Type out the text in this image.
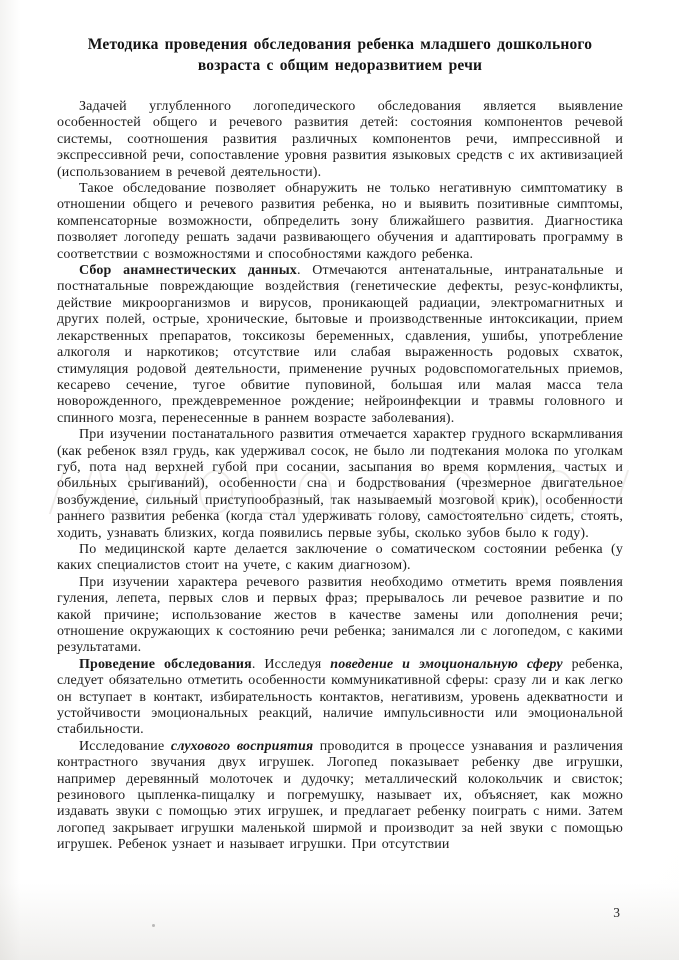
Методика проведения обследования ребенка младшего дошкольного возраста с общим недоразвитием речи

Задачей углубленного логопедического обследования является выявление особенностей общего и речевого развития детей: состояния компонентов речевой системы, соотношения развития различных компонентов речи, импрессивной и экспрессивной речи, сопоставление уровня развития языковых средств с их активизацией (использованием в речевой деятельности).

Такое обследование позволяет обнаружить не только негативную симптоматику в отношении общего и речевого развития ребенка, но и выявить позитивные симптомы, компенсаторные возможности, обпределить зону ближайшего развития. Диагностика позволяет логопеду решать задачи развивающего обучения и адаптировать программу в соответствии с возможностями и способностями каждого ребенка.

Сбор анамнестических данных. Отмечаются антенатальные, интранатальные и постнатальные повреждающие воздействия (генетические дефекты, резус-конфликты, действие микроорганизмов и вирусов, проникающей радиации, электромагнитных и других полей, острые, хронические, бытовые и производственные интоксикации, прием лекарственных препаратов, токсикозы беременных, сдавления, ушибы, употребление алкоголя и наркотиков; отсутствие или слабая выраженность родовых схваток, стимуляция родовой деятельности, применение ручных родовспомогательных приемов, кесарево сечение, тугое обвитие пуповиной, большая или малая масса тела новорожденного, преждевременное рождение; нейроинфекции и травмы головного и спинного мозга, перенесенные в раннем возрасте заболевания).

При изучении постанатального развития отмечается характер грудного вскармливания (как ребенок взял грудь, как удерживал сосок, не было ли подтекания молока по уголкам губ, пота над верхней губой при сосании, засыпания во время кормления, частых и обильных срыгиваний), особенности сна и бодрствования (чрезмерное двигательное возбуждение, сильный приступообразный, так называемый мозговой крик), особенности раннего развития ребенка (когда стал удерживать голову, самостоятельно сидеть, стоять, ходить, узнавать близких, когда появились первые зубы, сколько зубов было к году).

По медицинской карте делается заключение о соматическом состоянии ребенка (у каких специалистов стоит на учете, с каким диагнозом).

При изучении характера речевого развития необходимо отметить время появления гуления, лепета, первых слов и первых фраз; прерывалось ли речевое развитие и по какой причине; использование жестов в качестве замены или дополнения речи; отношение окружающих к состоянию речи ребенка; занимался ли с логопедом, с какими результатами.

Проведение обследования. Исследуя поведение и эмоциональную сферу ребенка, следует обязательно отметить особенности коммуникативной сферы: сразу ли и как легко он вступает в контакт, избирательность контактов, негативизм, уровень адекватности и устойчивости эмоциональных реакций, наличие импульсивности или эмоциональной стабильности.

Исследование слухового восприятия проводится в процессе узнавания и различения контрастного звучания двух игрушек. Логопед показывает ребенку две игрушки, например деревянный молоточек и дудочку; металлический колокольчик и свисток; резинового цыпленка-пищалку и погремушку, называет их, объясняет, как можно издавать звуки с помощью этих игрушек, и предлагает ребенку поиграть с ними. Затем логопед закрывает игрушки маленькой ширмой и производит за ней звуки с помощью игрушек. Ребенок узнает и называет игрушки. При отсутствии

3
